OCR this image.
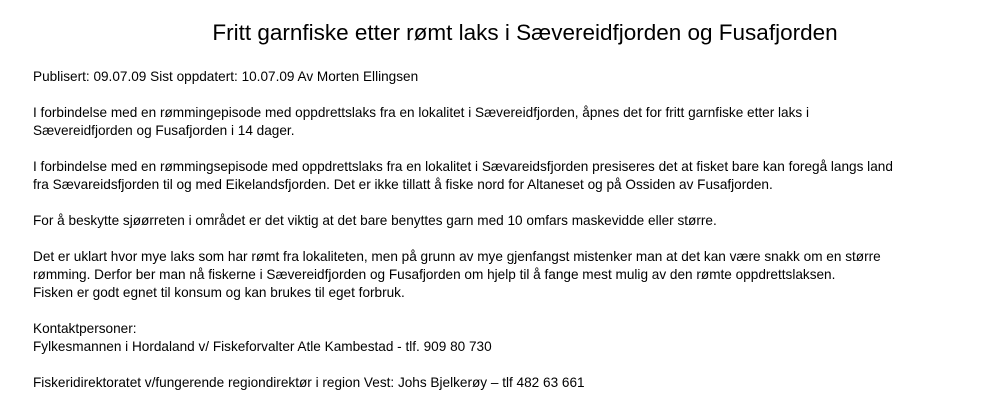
Fritt garnfiske etter rømt laks i Sævereidfjorden og Fusafjorden

Publisert: 09.07.09 Sist oppdatert: 10.07.09 Av Morten Ellingsen

I forbindelse med en rømmingepisode med oppdrettslaks fra en lokalitet i Sævereidfjorden, åpnes det for fritt garnfiske etter laks i
Sævereidfjorden og Fusafjorden i 14 dager.

I forbindelse med en rømmingsepisode med oppdrettslaks fra en lokalitet i Sævareidsfjorden presiseres det at fisket bare kan foregå langs land
fra Sævareidsfjorden til og med Eikelandsfjorden. Det er ikke tillatt å fiske nord for Altaneset og på Ossiden av Fusafjorden.

For å beskytte sjøørreten i området er det viktig at det bare benyttes garn med 10 omfars maskevidde eller større.

Det er uklart hvor mye laks som har rømt fra lokaliteten, men på grunn av mye gjenfangst mistenker man at det kan være snakk om en større
rømming. Derfor ber man nå fiskerne i Sævereidfjorden og Fusafjorden om hjelp til å fange mest mulig av den rømte oppdrettslaksen.
Fisken er godt egnet til konsum og kan brukes til eget forbruk.

Kontaktpersoner:
Fylkesmannen i Hordaland v/ Fiskeforvalter Atle Kambestad - tlf. 909 80 730

Fiskeridirektoratet v/fungerende regiondirektør i region Vest: Johs Bjelkerøy – tlf 482 63 661
